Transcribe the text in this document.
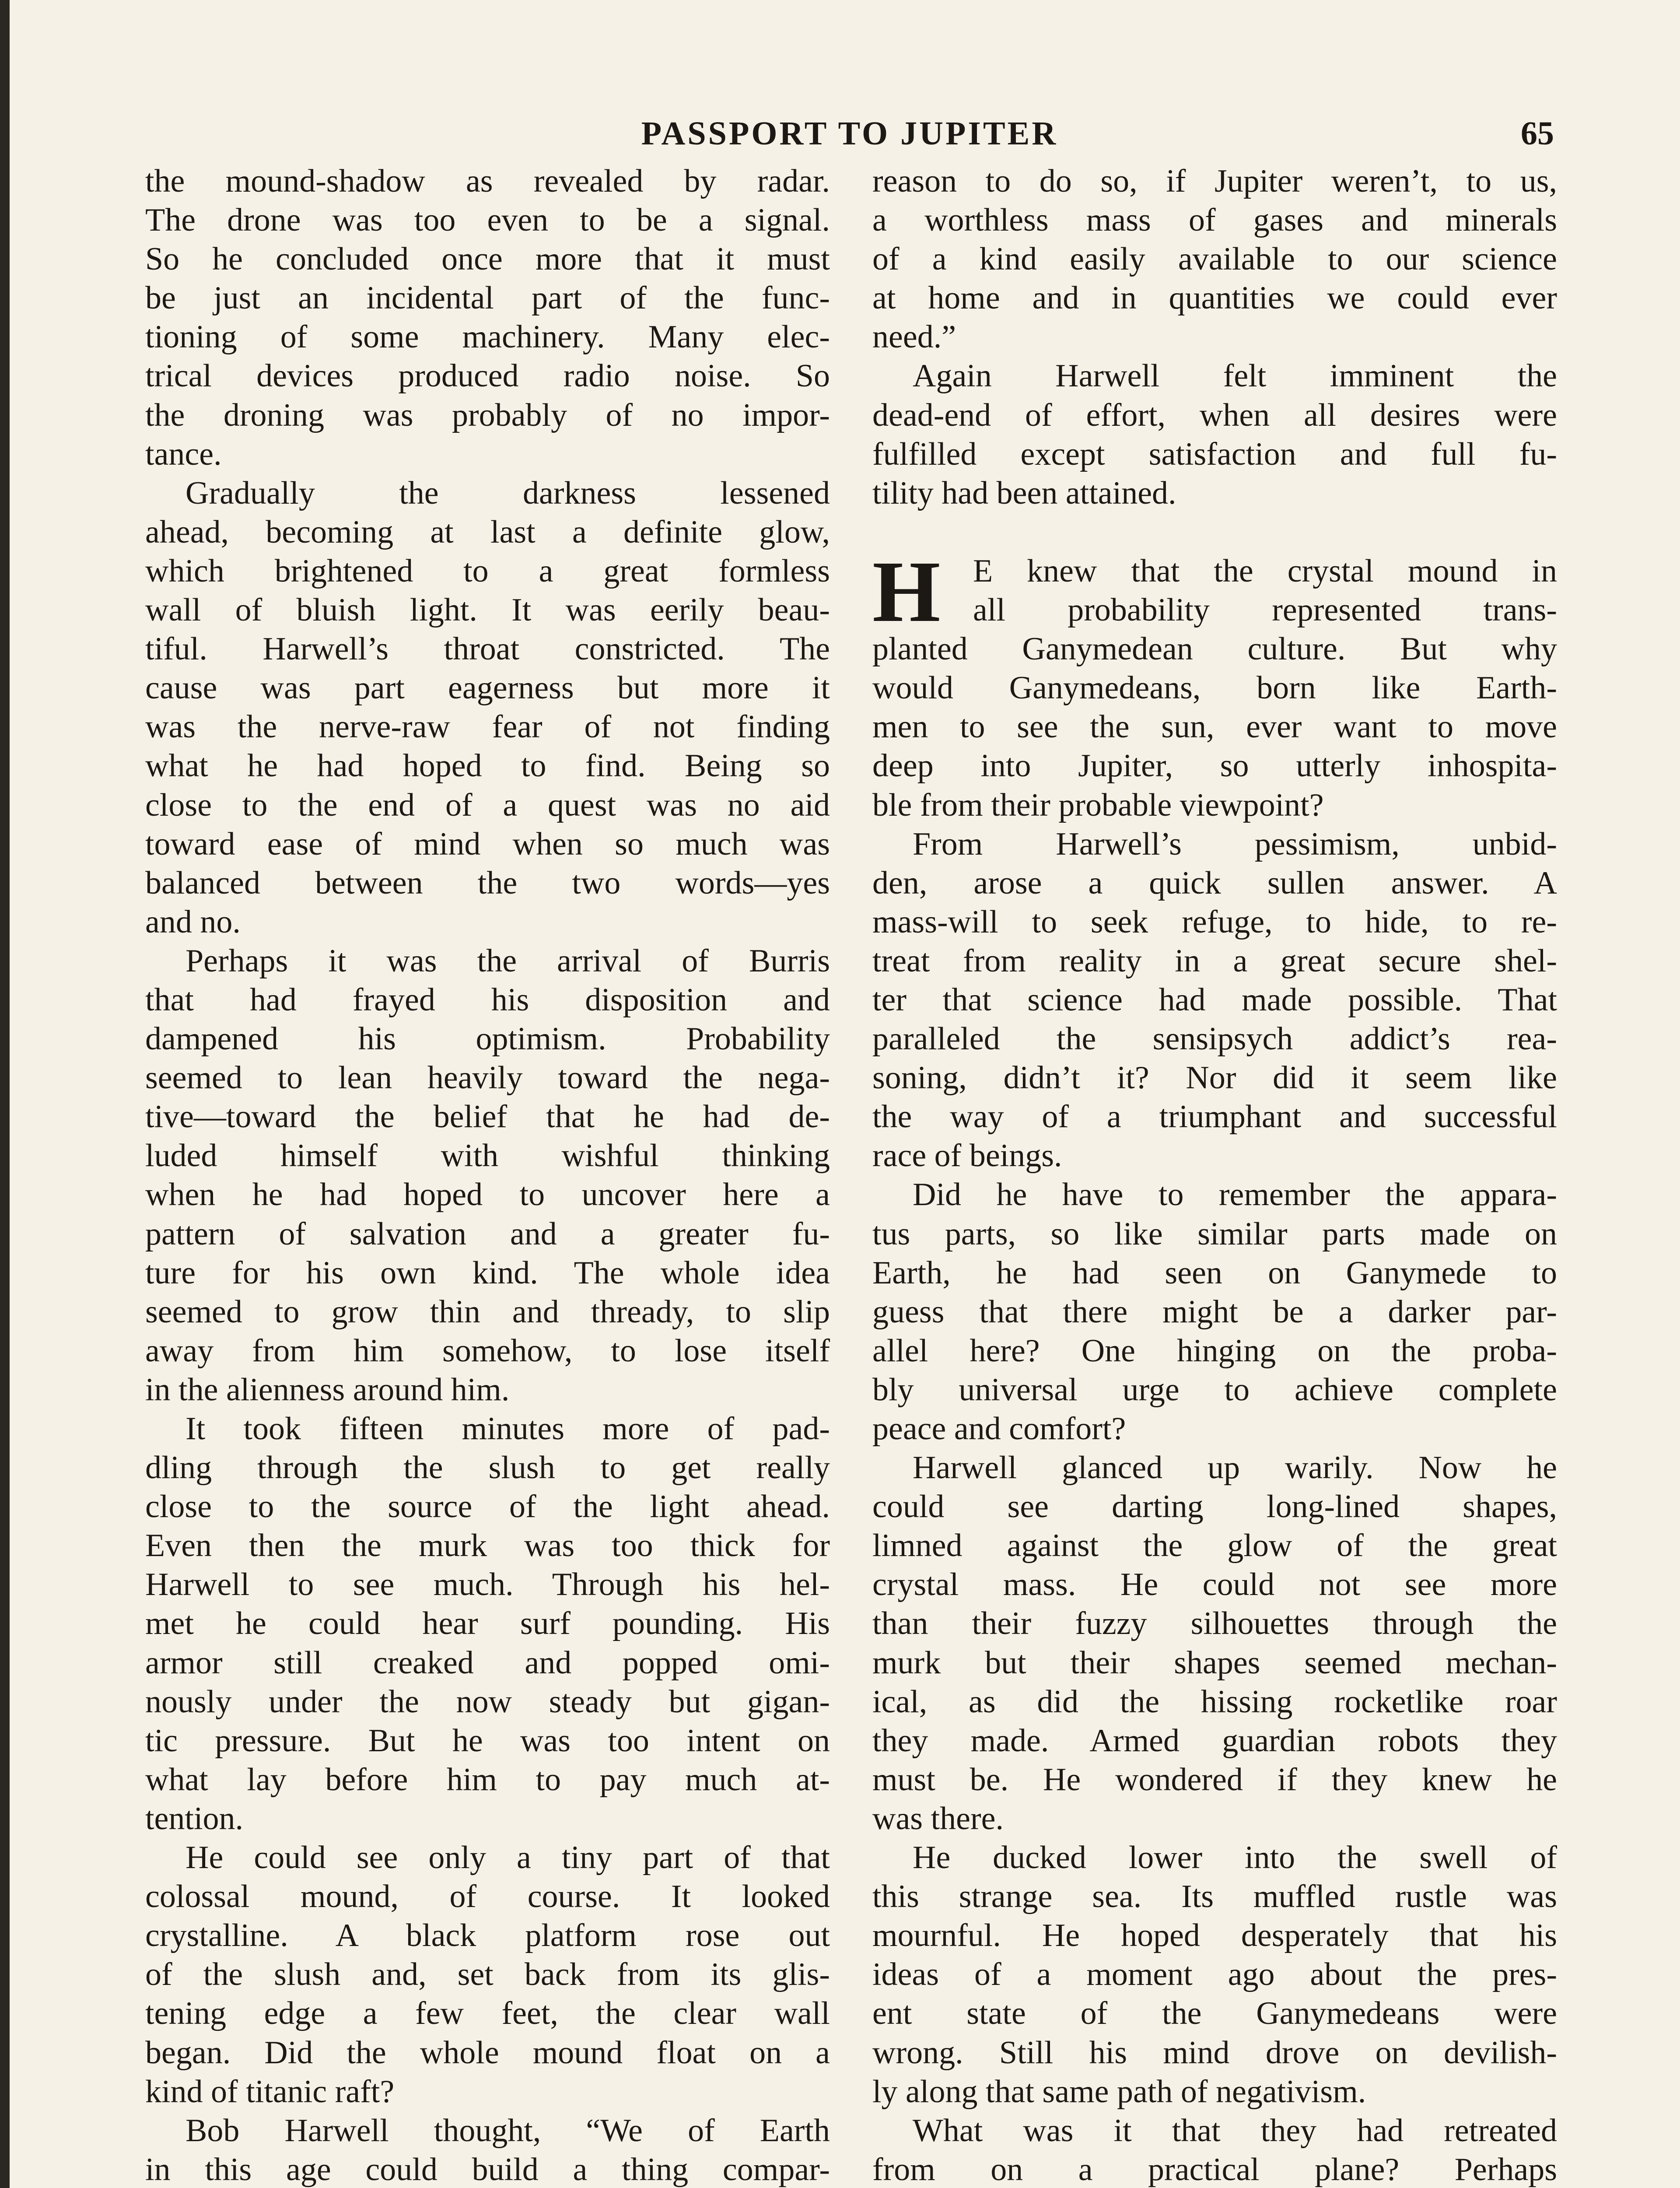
PASSPORT TO JUPITER	65
the mound-shadow as revealed by radar.
The drone was too even to be a signal.
So he concluded once more that it must
be just an incidental part of the func-
tioning of some machinery. Many elec-
trical devices produced radio noise. So
the droning was probably of no impor-
tance.
Gradually the darkness lessened
ahead, becoming at last a definite glow,
which brightened to a great formless
wall of bluish light. It was eerily beau-
tiful. Harwell’s throat constricted. The
cause was part eagerness but more it
was the nerve-raw fear of not finding
what he had hoped to find. Being so
close to the end of a quest was no aid
toward ease of mind when so much was
balanced between the two words—yes
and no.
Perhaps it was the arrival of Burris
that had frayed his disposition and
dampened his optimism. Probability
seemed to lean heavily toward the nega-
tive—toward the belief that he had de-
luded himself with wishful thinking
when he had hoped to uncover here a
pattern of salvation and a greater fu-
ture for his own kind. The whole idea
seemed to grow thin and thready, to slip
away from him somehow, to lose itself
in the alienness around him.
It took fifteen minutes more of pad-
dling through the slush to get really
close to the source of the light ahead.
Even then the murk was too thick for
Harwell to see much. Through his hel-
met he could hear surf pounding. His
armor still creaked and popped omi-
nously under the now steady but gigan-
tic pressure. But he was too intent on
what lay before him to pay much at-
tention.
He could see only a tiny part of that
colossal mound, of course. It looked
crystalline. A black platform rose out
of the slush and, set back from its glis-
tening edge a few feet, the clear wall
began. Did the whole mound float on a
kind of titanic raft?
Bob Harwell thought, “We of Earth
in this age could build a thing compar-
reason to do so, if Jupiter weren’t, to us,
a worthless mass of gases and minerals
of a kind easily available to our science
at home and in quantities we could ever
need.”
Again Harwell felt imminent the
dead-end of effort, when all desires were
fulfilled except satisfaction and full fu-
tility had been attained.
H	E knew that the crystal mound in
all probability represented trans-
planted Ganymedean culture. But why
would Ganymedeans, born like Earth-
men to see the sun, ever want to move
deep into Jupiter, so utterly inhospita-
ble from their probable viewpoint?
From Harwell’s pessimism, unbid-
den, arose a quick sullen answer. A
mass-will to seek refuge, to hide, to re-
treat from reality in a great secure shel-
ter that science had made possible. That
paralleled the sensipsych addict’s rea-
soning, didn’t it? Nor did it seem like
the way of a triumphant and successful
race of beings.
Did he have to remember the appara-
tus parts, so like similar parts made on
Earth, he had seen on Ganymede to
guess that there might be a darker par-
allel here? One hinging on the proba-
bly universal urge to achieve complete
peace and comfort?
Harwell glanced up warily. Now he
could see darting long-lined shapes,
limned against the glow of the great
crystal mass. He could not see more
than their fuzzy silhouettes through the
murk but their shapes seemed mechan-
ical, as did the hissing rocketlike roar
they made. Armed guardian robots they
must be. He wondered if they knew he
was there.
He ducked lower into the swell of
this strange sea. Its muffled rustle was
mournful. He hoped desperately that his
ideas of a moment ago about the pres-
ent state of the Ganymedeans were
wrong. Still his mind drove on devilish-
ly along that same path of negativism.
What was it that they had retreated
from on a practical plane? Perhaps
